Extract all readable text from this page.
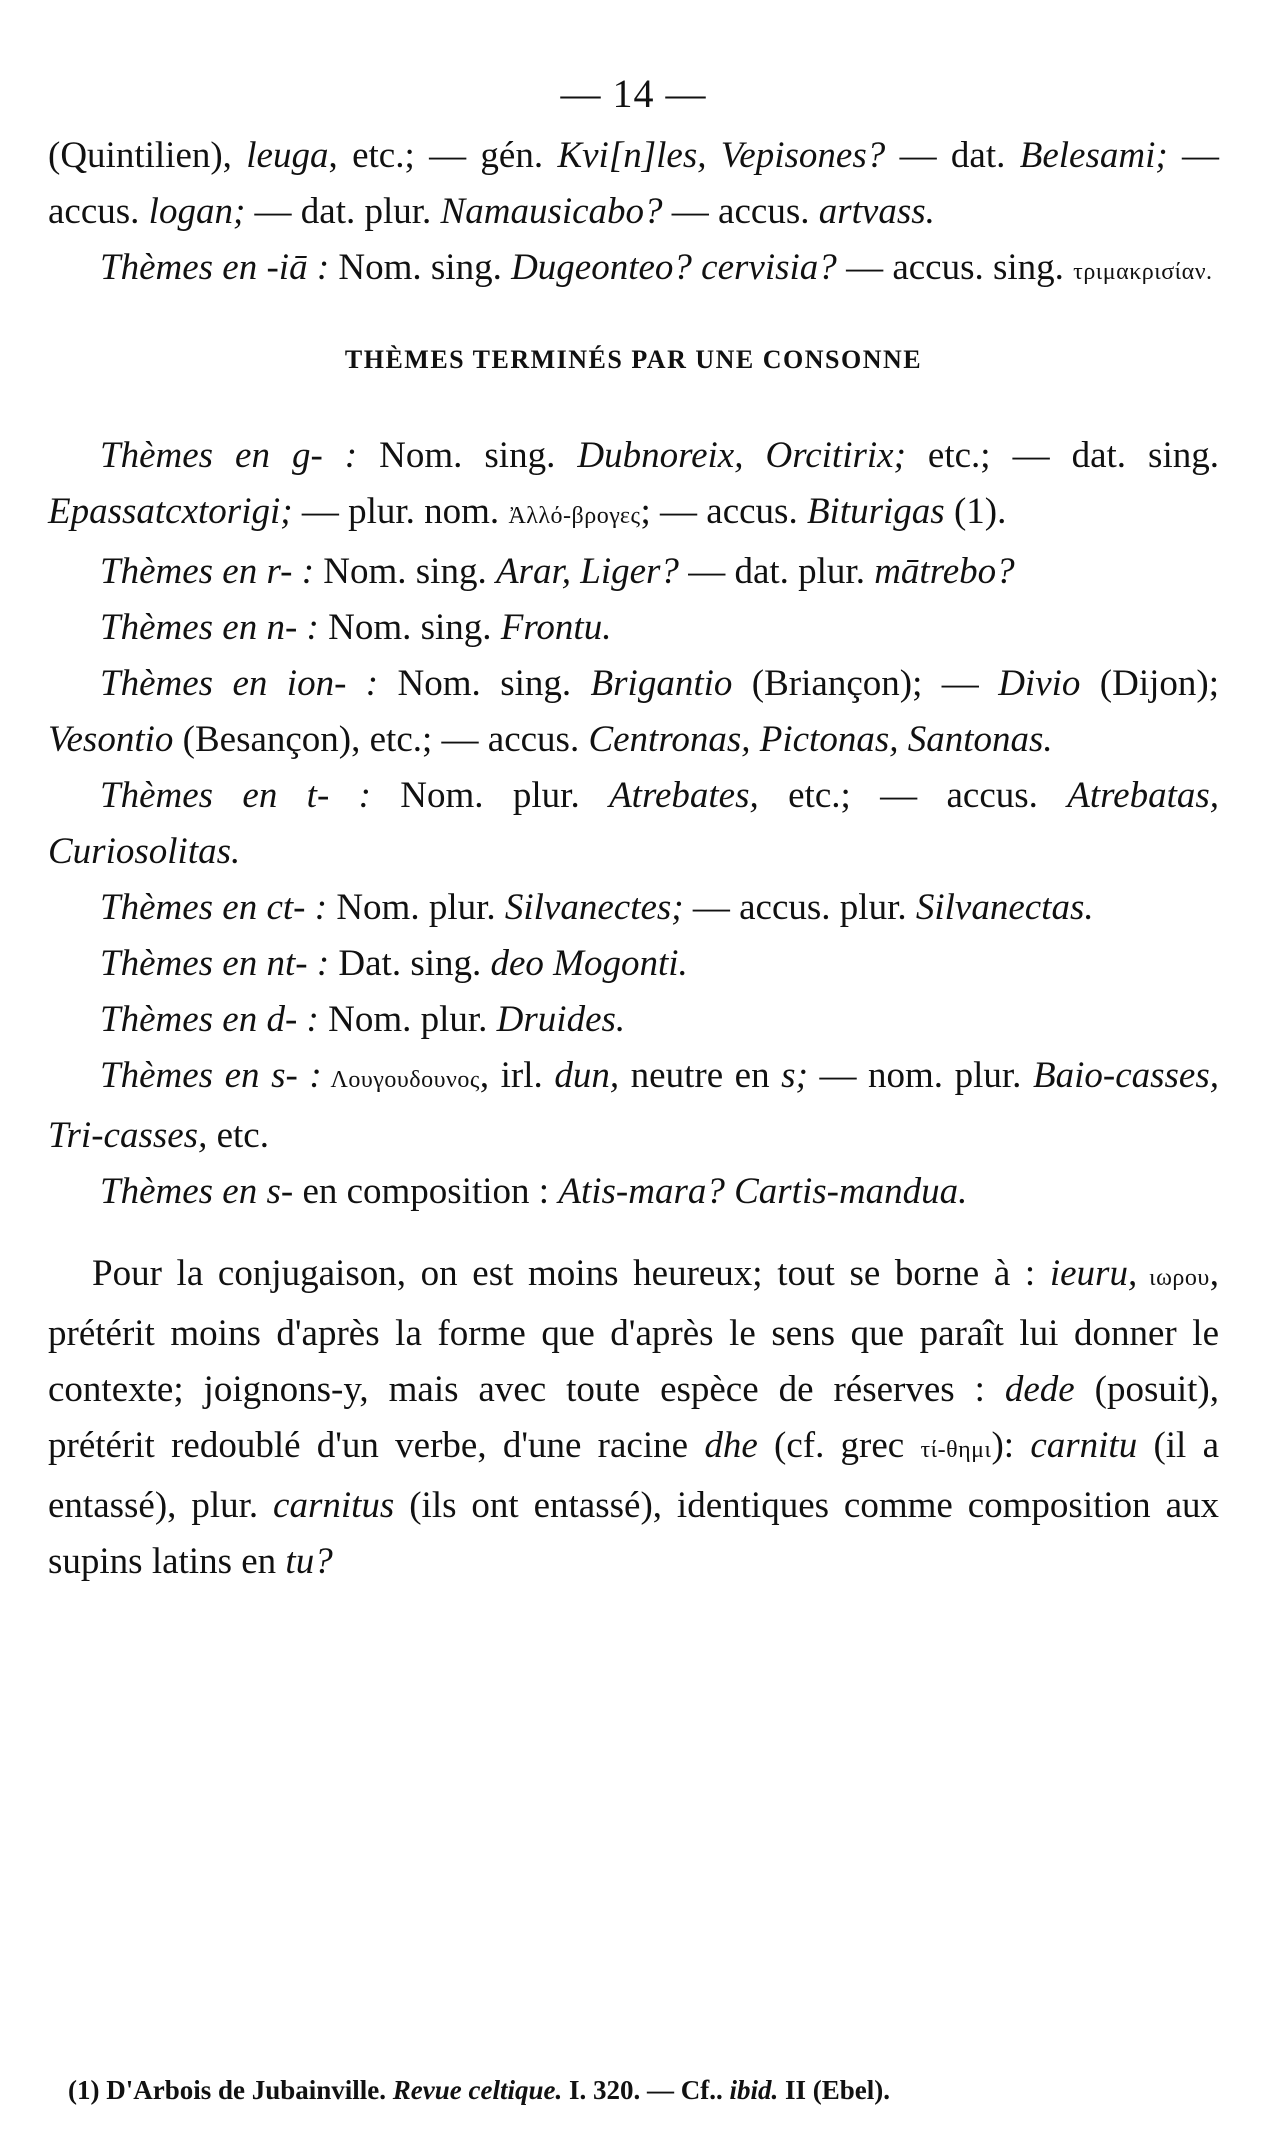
— 14 —

(Quintilien), leuga, etc.; — gén. Kvi[n]les, Vepisones? — dat. Belesami; — accus. logan; — dat. plur. Namausicabo? — accus. artvass.

Thèmes en -iā : Nom. sing. Dugeonteo? cervisia? — accus. sing. τριμακρισίαν.

THÈMES TERMINÉS PAR UNE CONSONNE

Thèmes en g- : Nom. sing. Dubnoreix, Orcitirix; etc.; — dat. sing. Epassatcxtorigi; — plur. nom. Ἀλλό-βρογες; — accus. Biturigas (1).

Thèmes en r- : Nom. sing. Arar, Liger? — dat. plur. mātrebo?

Thèmes en n- : Nom. sing. Frontu.

Thèmes en ion- : Nom. sing. Brigantio (Briançon); — Divio (Dijon); Vesontio (Besançon), etc.; — accus. Centronas, Pictonas, Santonas.

Thèmes en t- : Nom. plur. Atrebates, etc.; — accus. Atrebatas, Curiosolitas.

Thèmes en ct- : Nom. plur. Silvanectes; — accus. plur. Silvanectas.

Thèmes en nt- : Dat. sing. deo Mogonti.

Thèmes en d- : Nom. plur. Druides.

Thèmes en s- : Λουγουδουνος, irl. dun, neutre en s; — nom. plur. Baio-casses, Tri-casses, etc.

Thèmes en s- en composition : Atis-mara? Cartis-mandua.

Pour la conjugaison, on est moins heureux; tout se borne à : ieuru, ιωρου, prétérit moins d'après la forme que d'après le sens que paraît lui donner le contexte; joignons-y, mais avec toute espèce de réserves : dede (posuit), prétérit redoublé d'un verbe, d'une racine dhe (cf. grec τί-θημι): carnitu (il a entassé), plur. carnitus (ils ont entassé), identiques comme composition aux supins latins en tu?

(1) D'Arbois de Jubainville. Revue celtique. I. 320. — Cf.. ibid. II (Ebel).
